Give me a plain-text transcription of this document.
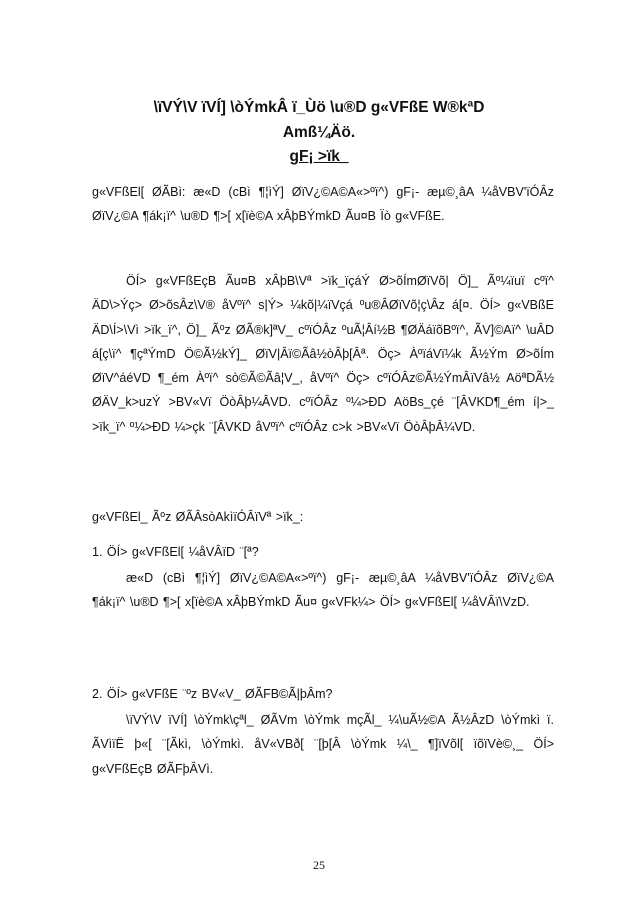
\ïVÝ\V ïVÍ] \òÝmkÂ ï_Ùö \u®D g«VFßE W®kªD
Amß¼Äö.
gF¡ >ïk_
g«VFßEl[ ØÃBì: æ«D (cBì ¶¦ìÝ] ØïV¿©A©A«>ºï^) gF¡- æµ©¸âA ¼åVBV'ïÓÂz ØïV¿©A ¶ák¡ï^ \u®D ¶>[ x[ïè©A xÂþBÝmkD Ãu¤B Ïò g«VFßE.
ÖÍ> g«VFßEçB Ãu¤B xÂþB\Vª >ïk_ïçáÝ Ø>õÍmØïVõ| Ö]_ Ãº¼ïuï cºï^ ÄD\>Ýç> Ø>õsÂz\V® åVºï^ s|Ý> ¼kõ|¼ïVçá ºu®ÂØïVõ¦ç\Âz á[¤. ÖÍ> g«VBßE ÄD\Í>\Vì >ïk_ï^, Ö]_ Ãºz ØÃ®k]ªV_ cºïÓÂz ºuÃ¦Âí½B ¶ØÄáïõBºï^, ÃV]©Aï^ \uÂD á[ç\ï^ ¶çªÝmD Ö©Ã½kÝ]_ ØïV|Âï©Ãâ½òÂþ[Âª. Öç> ÀºïáVï¼k Ã½Ým Ø>õÍm ØïV^áéVD ¶_ém Àºï^ sò©Ã©Ãâ¦V_, åVºï^ Öç> cºïÓÂz©Ã½ÝmÂïVâ½ AöªDÃ½ ØÄV_k>uzÝ >BV«Vï ÖòÂþ¼ÂVD. cºïÓÂz º¼>ÐD AöBs_çé ¨[ÂVKD¶_ém í|>_ >ïk_ï^ º¼>ÐD ¼>çk ¨[ÂVKD åVºï^ cºïÓÂz c>k >BV«Vï ÖòÂþÂ¼VD.
g«VFßEl_ Ãºz ØÃÂsòAkìïÓÂïVª >ïk_:
1. ÖÍ> g«VFßEl[ ¼åVÂïD ¨[ª?
æ«D (cBì ¶¦ìÝ] ØïV¿©A©A«>ºï^) gF¡- æµ©¸âA ¼åVBV'ïÓÂz ØïV¿©A ¶ák¡ï^ \u®D ¶>[ x[ïè©A xÂþBÝmkD Ãu¤ g«VFk¼> ÖÍ> g«VFßEl[ ¼åVÂï\VzD.
2. ÖÍ> g«VFßE ¨ºz BV«V_ ØÃFB©Ã|þÂm?
\ïVÝ\V ïVÍ] \òÝmk\çªl_ ØÃVm \òÝmk mçÃl_ ¼\uÃ½©A Ã½ÂzD \òÝmkì ï. ÃVìïË þ«[ ¨[Ãkì, \òÝmkì. åV«VBð[ ¨[þ[Â \òÝmk ¼\_ ¶]ïVõl[ ïõïVè©¸_ ÖÍ> g«VFßEçB ØÃFþÂVì.
25
